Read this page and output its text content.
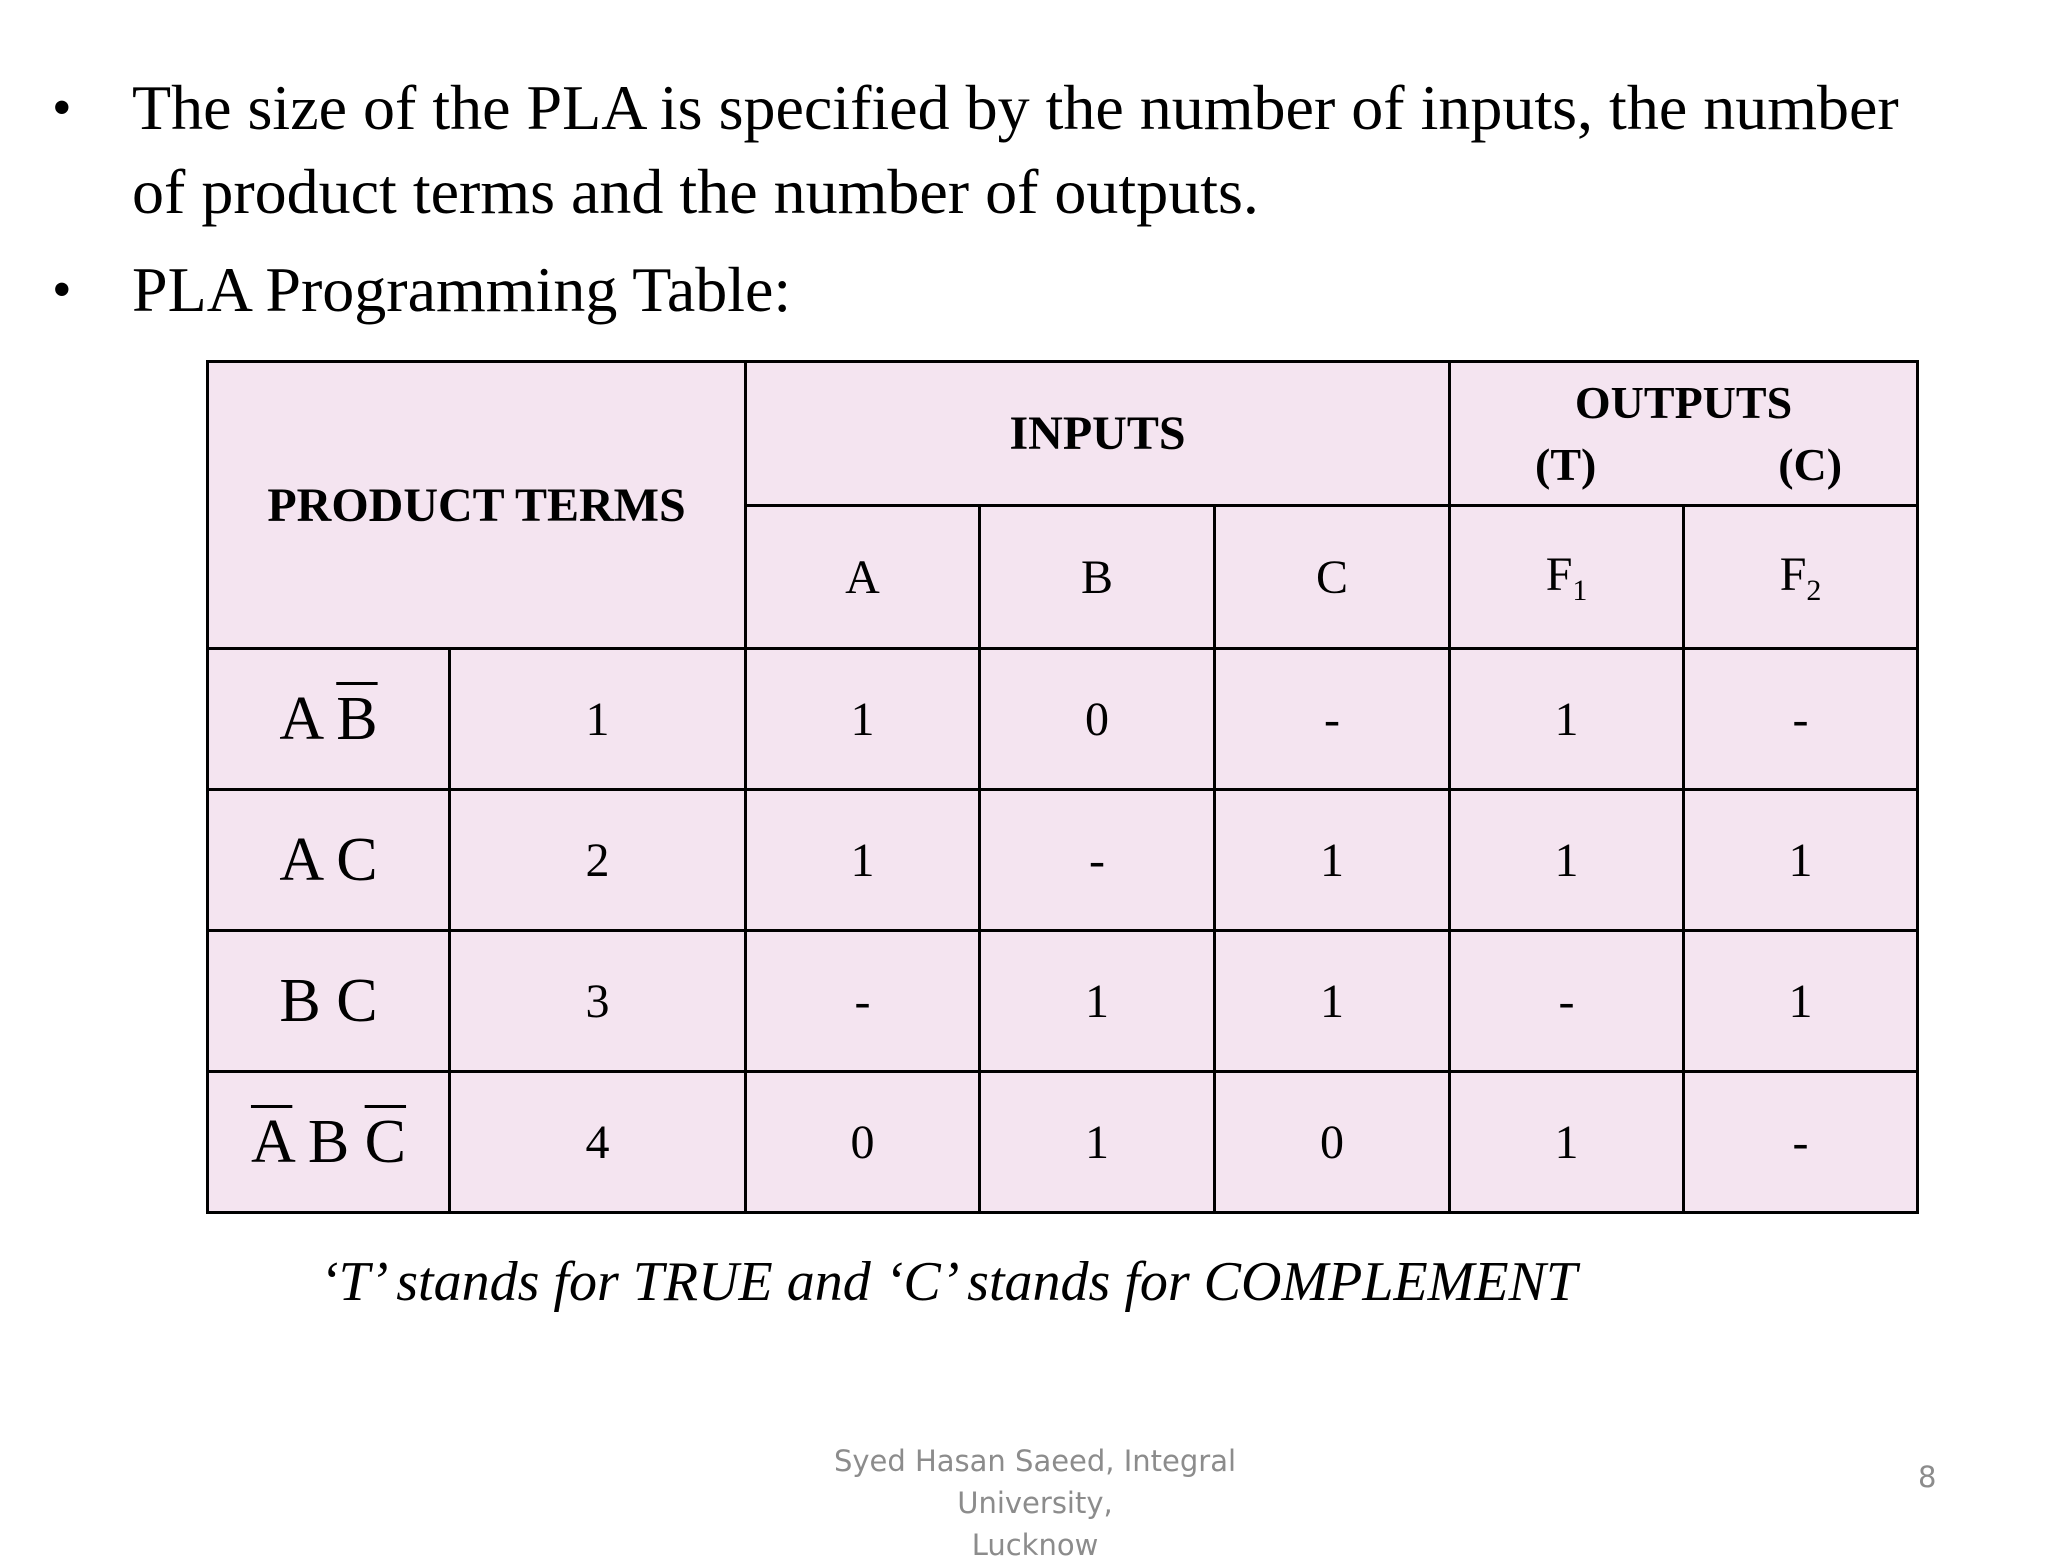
• The size of the PLA is specified by the number of inputs, the number of product terms and the number of outputs.
• PLA Programming Table:
PRODUCT TERMS		INPUTS			OUTPUTS
(T) (C)	

		A	B	C	$F_1$	$F_2$
A $\overline{B}$	1	1	0	-	1	-
A C	2	1	-	1	1	1
B C	3	-	1	1	-	1
$\overline{A}$ B $\overline{C}$	4	0	1	0	1	-
‘T’ stands for TRUE and ‘C’ stands for COMPLEMENT
Syed Hasan Saeed, Integral University,
Lucknow
8
